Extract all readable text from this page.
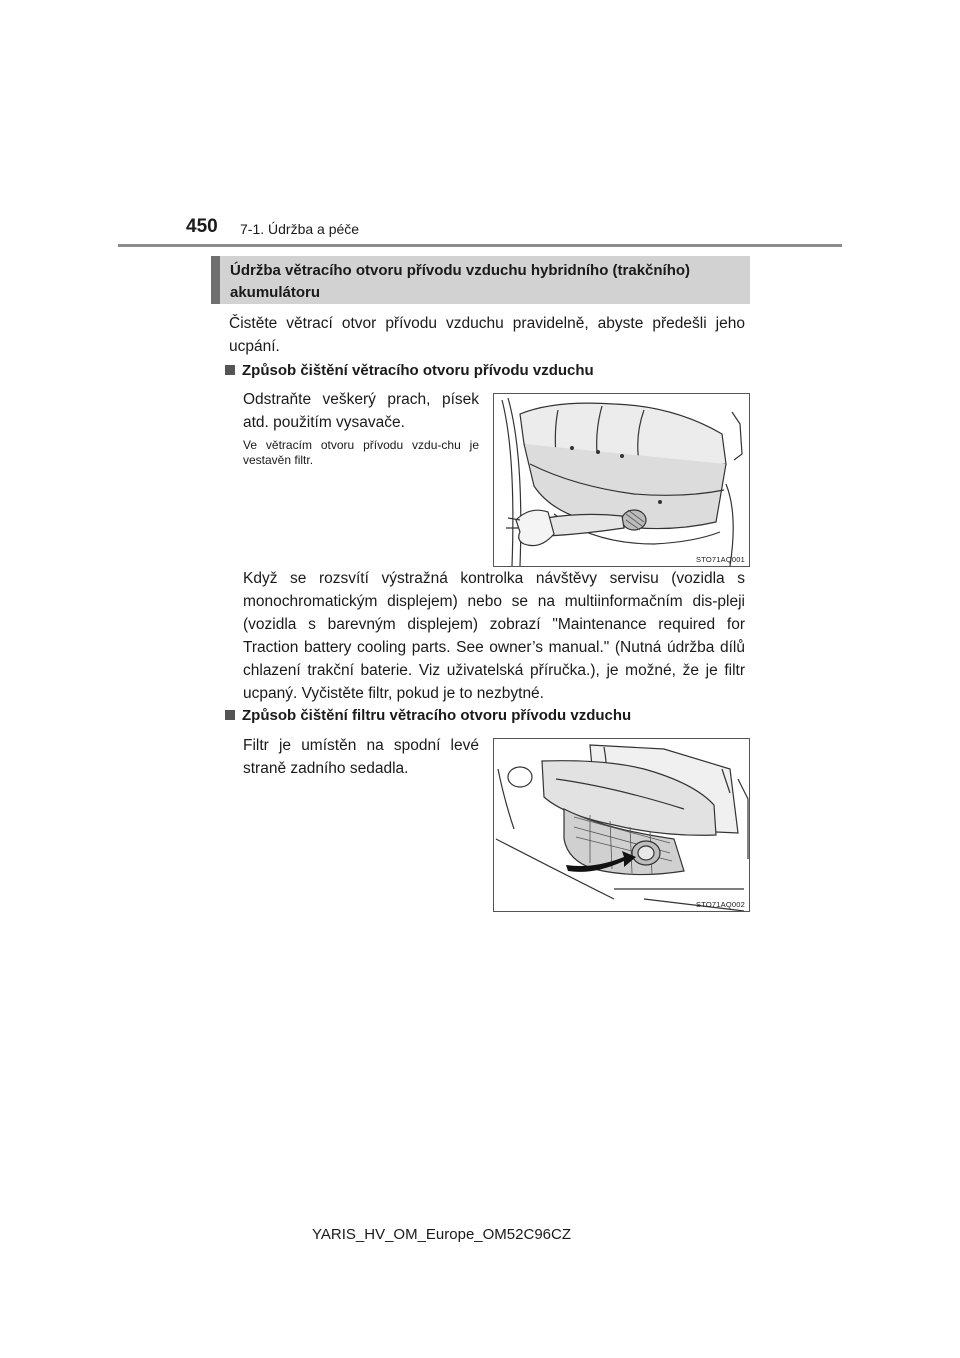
450 7-1. Údržba a péče
Údržba větracího otvoru přívodu vzduchu hybridního (trakčního) akumulátoru
Čistěte větrací otvor přívodu vzduchu pravidelně, abyste předešli jeho ucpání.
Způsob čištění větracího otvoru přívodu vzduchu
Odstraňte veškerý prach, písek atd. použitím vysavače.
Ve větracím otvoru přívodu vzdu-chu je vestavěn filtr.
STO71AQ001
Když se rozsvítí výstražná kontrolka návštěvy servisu (vozidla s monochromatickým displejem) nebo se na multiinformačním dis-pleji (vozidla s barevným displejem) zobrazí "Maintenance required for Traction battery cooling parts. See owner’s manual." (Nutná údržba dílů chlazení trakční baterie. Viz uživatelská příručka.), je možné, že je filtr ucpaný. Vyčistěte filtr, pokud je to nezbytné.
Způsob čištění filtru větracího otvoru přívodu vzduchu
Filtr je umístěn na spodní levé straně zadního sedadla.
STO71AQ002
YARIS_HV_OM_Europe_OM52C96CZ
